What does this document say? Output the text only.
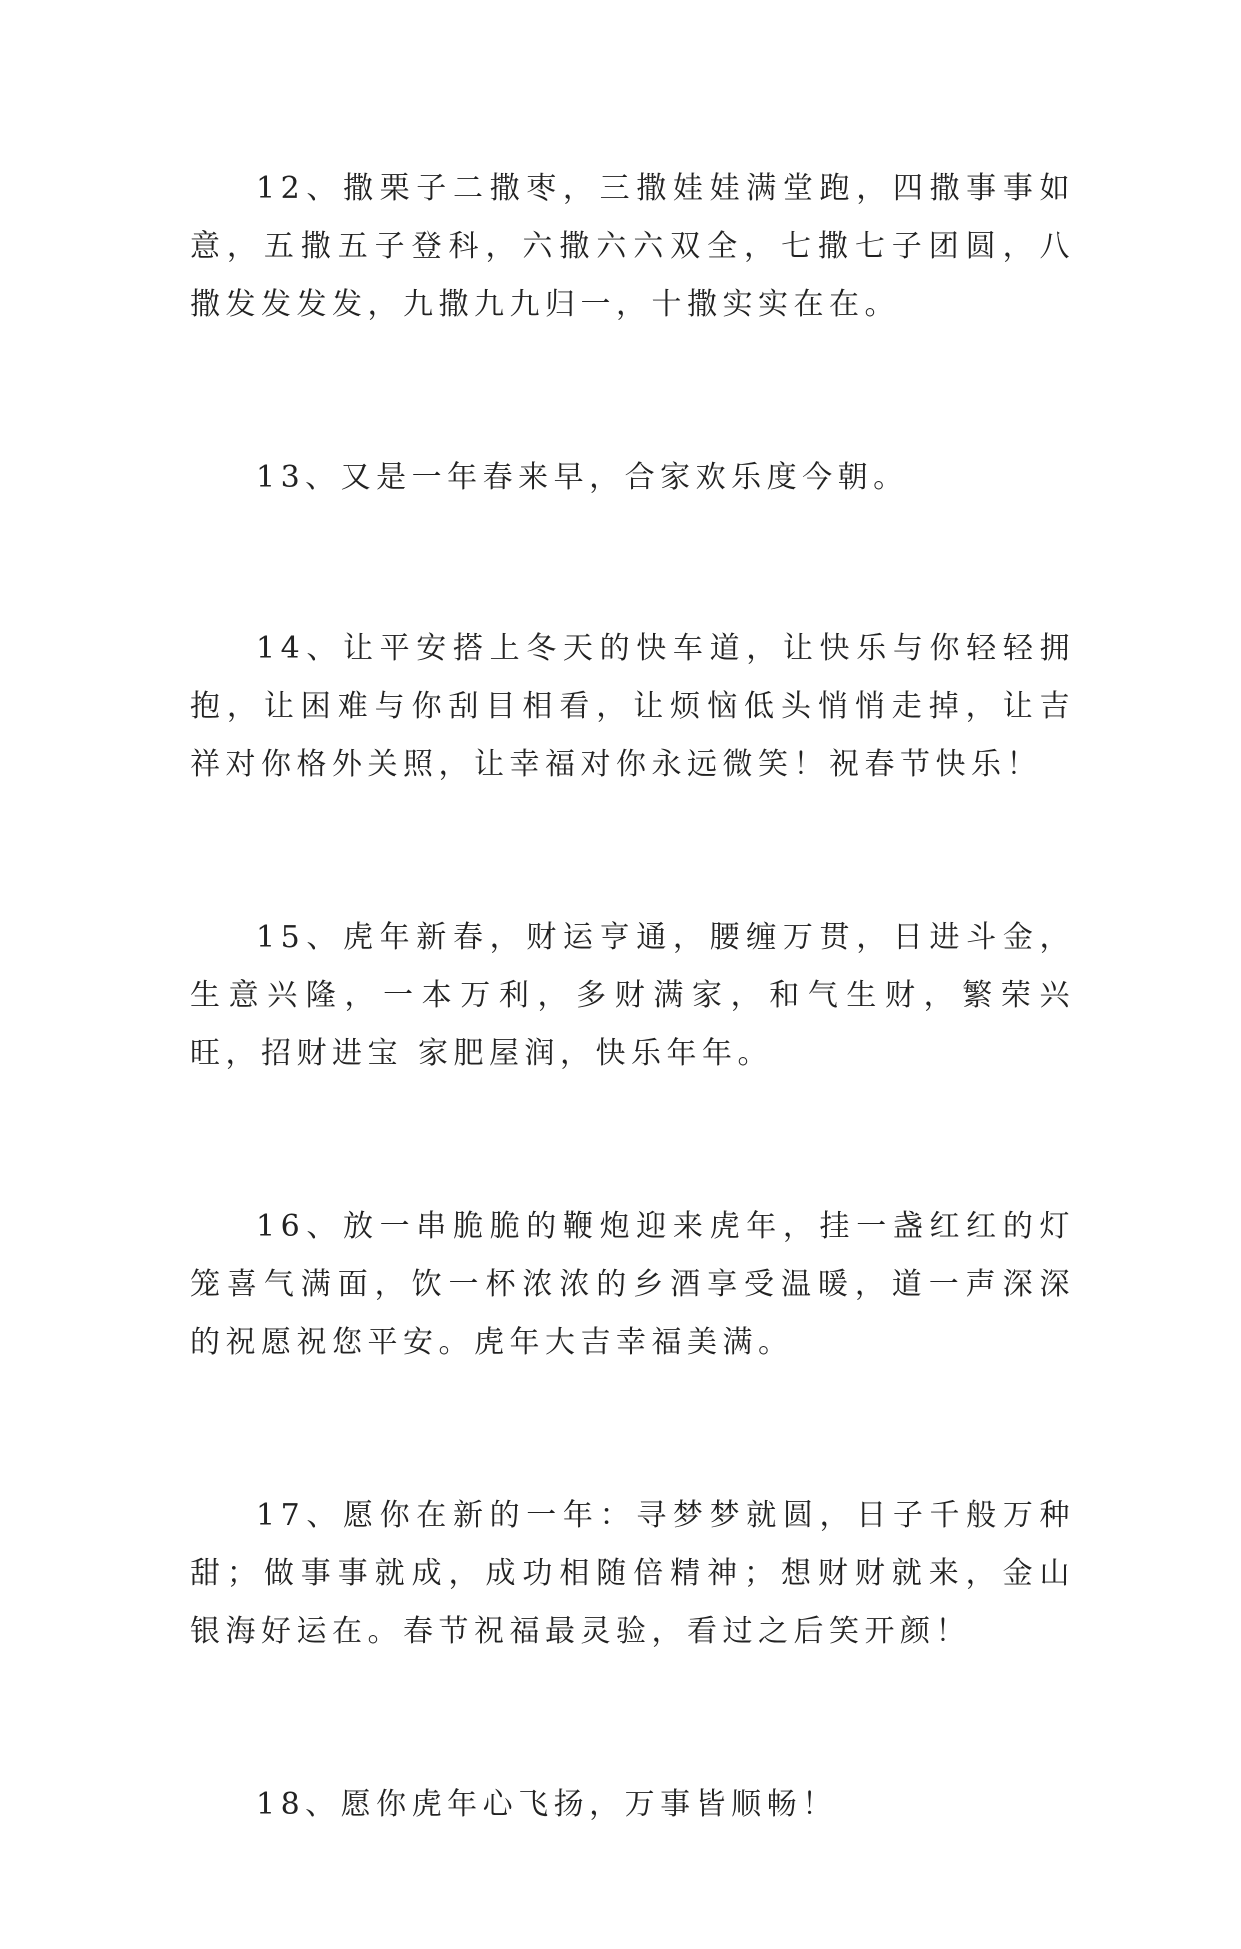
12、撒栗子二撒枣，三撒娃娃满堂跑，四撒事事如意，五撒五子登科，六撒六六双全，七撒七子团圆，八撒发发发发，九撒九九归一，十撒实实在在。

13、又是一年春来早，合家欢乐度今朝。

14、让平安搭上冬天的快车道，让快乐与你轻轻拥抱，让困难与你刮目相看，让烦恼低头悄悄走掉，让吉祥对你格外关照，让幸福对你永远微笑！祝春节快乐！

15、虎年新春，财运亨通，腰缠万贯，日进斗金，生意兴隆，一本万利，多财满家，和气生财，繁荣兴旺，招财进宝 家肥屋润，快乐年年。

16、放一串脆脆的鞭炮迎来虎年，挂一盏红红的灯笼喜气满面，饮一杯浓浓的乡酒享受温暖，道一声深深的祝愿祝您平安。虎年大吉幸福美满。

17、愿你在新的一年：寻梦梦就圆，日子千般万种甜；做事事就成，成功相随倍精神；想财财就来，金山银海好运在。春节祝福最灵验，看过之后笑开颜！

18、愿你虎年心飞扬，万事皆顺畅！
